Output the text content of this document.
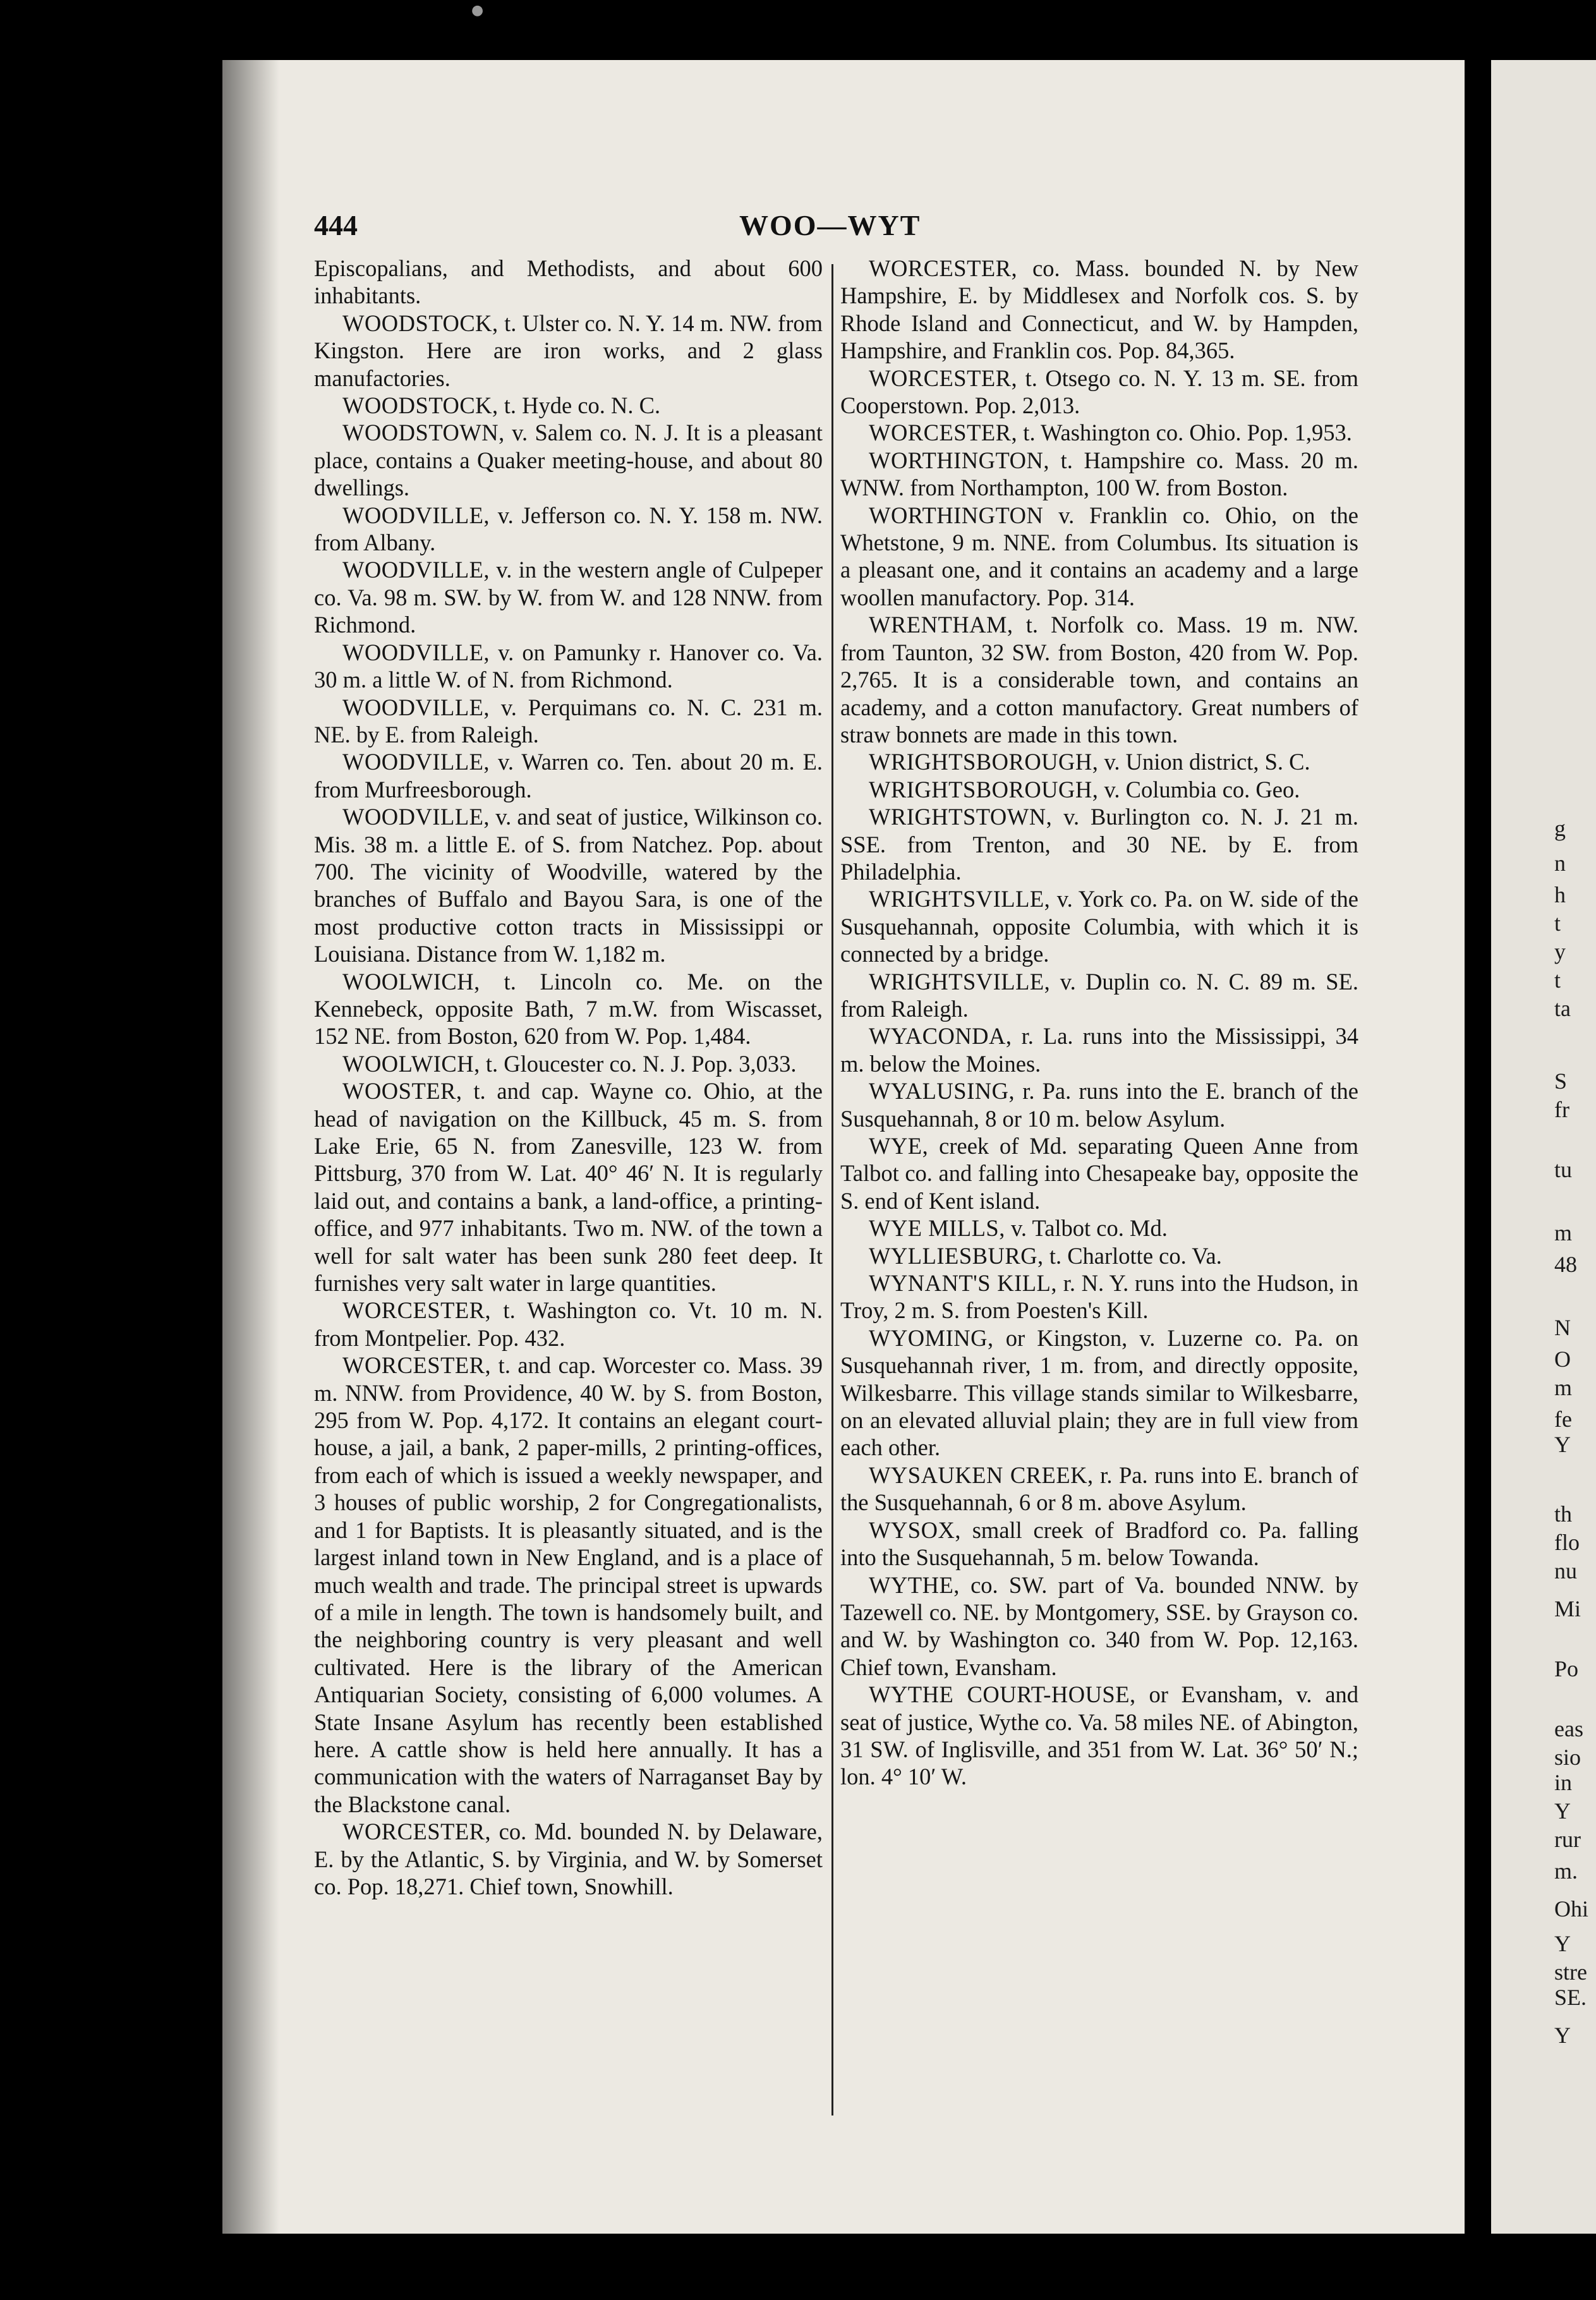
●
g
n
h
t
y
t
ta
S
fr
tu
m
48
N
O
m
fe
Y
th
flo
nu
Mi
Po
eas
sio
in
Y
rur
m.
Ohi
Y
stre
SE.
Y
444	WOO—WYT

Episcopalians, and Methodists, and about 600 inhabitants.

WOODSTOCK, t. Ulster co. N. Y. 14 m. NW. from Kingston. Here are iron works, and 2 glass manufactories.

WOODSTOCK, t. Hyde co. N. C.

WOODSTOWN, v. Salem co. N. J. It is a pleasant place, contains a Quaker meeting-house, and about 80 dwellings.

WOODVILLE, v. Jefferson co. N. Y. 158 m. NW. from Albany.

WOODVILLE, v. in the western angle of Culpeper co. Va. 98 m. SW. by W. from W. and 128 NNW. from Richmond.

WOODVILLE, v. on Pamunky r. Hanover co. Va. 30 m. a little W. of N. from Richmond.

WOODVILLE, v. Perquimans co. N. C. 231 m. NE. by E. from Raleigh.

WOODVILLE, v. Warren co. Ten. about 20 m. E. from Murfreesborough.

WOODVILLE, v. and seat of justice, Wilkinson co. Mis. 38 m. a little E. of S. from Natchez. Pop. about 700. The vicinity of Woodville, watered by the branches of Buffalo and Bayou Sara, is one of the most productive cotton tracts in Mississippi or Louisiana. Distance from W. 1,182 m.

WOOLWICH, t. Lincoln co. Me. on the Kennebeck, opposite Bath, 7 m.W. from Wiscasset, 152 NE. from Boston, 620 from W. Pop. 1,484.

WOOLWICH, t. Gloucester co. N. J. Pop. 3,033.

WOOSTER, t. and cap. Wayne co. Ohio, at the head of navigation on the Killbuck, 45 m. S. from Lake Erie, 65 N. from Zanesville, 123 W. from Pittsburg, 370 from W. Lat. 40° 46′ N. It is regularly laid out, and contains a bank, a land-office, a printing-office, and 977 inhabitants. Two m. NW. of the town a well for salt water has been sunk 280 feet deep. It furnishes very salt water in large quantities.

WORCESTER, t. Washington co. Vt. 10 m. N. from Montpelier. Pop. 432.

WORCESTER, t. and cap. Worcester co. Mass. 39 m. NNW. from Providence, 40 W. by S. from Boston, 295 from W. Pop. 4,172. It contains an elegant court-house, a jail, a bank, 2 paper-mills, 2 printing-offices, from each of which is issued a weekly newspaper, and 3 houses of public worship, 2 for Congregationalists, and 1 for Baptists. It is pleasantly situated, and is the largest inland town in New England, and is a place of much wealth and trade. The principal street is upwards of a mile in length. The town is handsomely built, and the neighboring country is very pleasant and well cultivated. Here is the library of the American Antiquarian Society, consisting of 6,000 volumes. A State Insane Asylum has recently been established here. A cattle show is held here annually. It has a communication with the waters of Narraganset Bay by the Blackstone canal.

WORCESTER, co. Md. bounded N. by Delaware, E. by the Atlantic, S. by Virginia, and W. by Somerset co. Pop. 18,271. Chief town, Snowhill.

WORCESTER, co. Mass. bounded N. by New Hampshire, E. by Middlesex and Norfolk cos. S. by Rhode Island and Connecticut, and W. by Hampden, Hampshire, and Franklin cos. Pop. 84,365.

WORCESTER, t. Otsego co. N. Y. 13 m. SE. from Cooperstown. Pop. 2,013.

WORCESTER, t. Washington co. Ohio. Pop. 1,953.

WORTHINGTON, t. Hampshire co. Mass. 20 m. WNW. from Northampton, 100 W. from Boston.

WORTHINGTON v. Franklin co. Ohio, on the Whetstone, 9 m. NNE. from Columbus. Its situation is a pleasant one, and it contains an academy and a large woollen manufactory. Pop. 314.

WRENTHAM, t. Norfolk co. Mass. 19 m. NW. from Taunton, 32 SW. from Boston, 420 from W. Pop. 2,765. It is a considerable town, and contains an academy, and a cotton manufactory. Great numbers of straw bonnets are made in this town.

WRIGHTSBOROUGH, v. Union district, S. C.

WRIGHTSBOROUGH, v. Columbia co. Geo.

WRIGHTSTOWN, v. Burlington co. N. J. 21 m. SSE. from Trenton, and 30 NE. by E. from Philadelphia.

WRIGHTSVILLE, v. York co. Pa. on W. side of the Susquehannah, opposite Columbia, with which it is connected by a bridge.

WRIGHTSVILLE, v. Duplin co. N. C. 89 m. SE. from Raleigh.

WYACONDA, r. La. runs into the Mississippi, 34 m. below the Moines.

WYALUSING, r. Pa. runs into the E. branch of the Susquehannah, 8 or 10 m. below Asylum.

WYE, creek of Md. separating Queen Anne from Talbot co. and falling into Chesapeake bay, opposite the S. end of Kent island.

WYE MILLS, v. Talbot co. Md.

WYLLIESBURG, t. Charlotte co. Va.

WYNANT'S KILL, r. N. Y. runs into the Hudson, in Troy, 2 m. S. from Poesten's Kill.

WYOMING, or Kingston, v. Luzerne co. Pa. on Susquehannah river, 1 m. from, and directly opposite, Wilkesbarre. This village stands similar to Wilkesbarre, on an elevated alluvial plain; they are in full view from each other.

WYSAUKEN CREEK, r. Pa. runs into E. branch of the Susquehannah, 6 or 8 m. above Asylum.

WYSOX, small creek of Bradford co. Pa. falling into the Susquehannah, 5 m. below Towanda.

WYTHE, co. SW. part of Va. bounded NNW. by Tazewell co. NE. by Montgomery, SSE. by Grayson co. and W. by Washington co. 340 from W. Pop. 12,163. Chief town, Evansham.

WYTHE COURT-HOUSE, or Evansham, v. and seat of justice, Wythe co. Va. 58 miles NE. of Abington, 31 SW. of Inglisville, and 351 from W. Lat. 36° 50′ N.; lon. 4° 10′ W.
